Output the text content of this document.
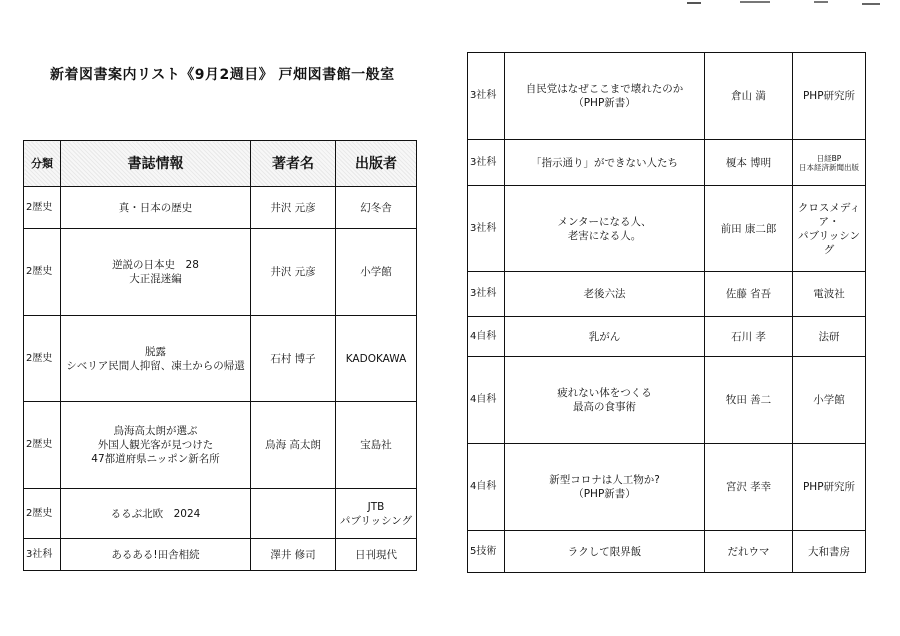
新着図書案内リスト《9月2週目》 戸畑図書館一般室
分類	書誌情報	著者名	出版者
2歴史	真・日本の歴史	井沢 元彦	幻冬舎
2歴史	逆説の日本史　28
大正混迷編	井沢 元彦	小学館
2歴史	脱露
シベリア民間人抑留、凍土からの帰還	石村 博子	KADOKAWA
2歴史	鳥海高太朗が選ぶ
外国人観光客が見つけた
47都道府県ニッポン新名所	鳥海 高太朗	宝島社
2歴史	るるぶ北欧　2024		JTB
パブリッシング
3社科	あるある!田舎相続	澤井 修司	日刊現代
3社科	自民党はなぜここまで壊れたのか
（PHP新書）	倉山 満	PHP研究所
3社科	「指示通り」ができない人たち	榎本 博明	日経BP
日本経済新聞出版
3社科	メンターになる人、
老害になる人。	前田 康二郎	クロスメディア・
パブリッシング
3社科	老後六法	佐藤 省吾	電波社
4自科	乳がん	石川 孝	法研
4自科	疲れない体をつくる
最高の食事術	牧田 善二	小学館
4自科	新型コロナは人工物か?
（PHP新書）	宮沢 孝幸	PHP研究所
5技術	ラクして限界飯	だれウマ	大和書房
